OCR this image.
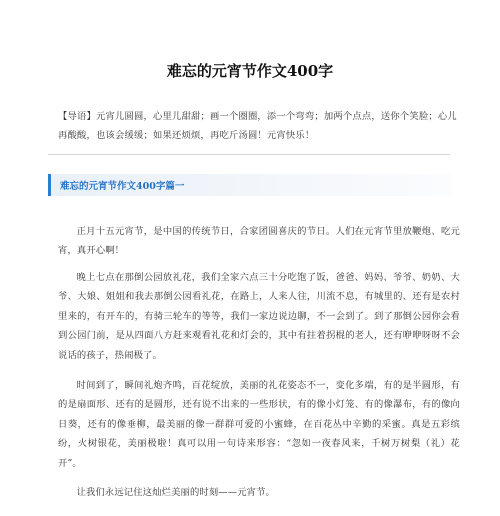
难忘的元宵节作文400字
【导语】元宵儿圆圆，心里儿甜甜；画一个圈圈，添一个弯弯；加两个点点，送你个笑脸；心儿再酸酸，也该会缓缓；如果还烦烦，再吃斤汤圆！元宵快乐！
难忘的元宵节作文400字篇一
正月十五元宵节，是中国的传统节日，合家团圆喜庆的节日。人们在元宵节里放鞭炮、吃元宵，真开心啊！
晚上七点在那倒公园放礼花，我们全家六点三十分吃饱了饭，爸爸、妈妈、爷爷、奶奶、大爷、大娘、姐姐和我去那倒公园看礼花，在路上，人来人往，川流不息，有城里的、还有是农村里来的，有开车的，有骑三轮车的等等，我们一家边说边聊，不一会到了。到了那倒公园你会看到公园门前，是从四面八方赶来观看礼花和灯会的，其中有拄着拐棍的老人，还有咿咿呀呀不会说话的孩子，热闹极了。
时间到了，瞬间礼炮齐鸣，百花绽放，美丽的礼花姿态不一，变化多端，有的是半圆形，有的是扇面形、还有的是圆形，还有说不出来的一些形状，有的像小灯笼、有的像瀑布，有的像向日葵，还有的像垂柳，最美丽的像一群群可爱的小蜜蜂，在百花丛中辛勤的采蜜。真是五彩缤纷，火树银花，美丽极啦！真可以用一句诗来形容：“忽如一夜春风来，千树万树梨（礼）花开”。
让我们永远记住这灿烂美丽的时刻——元宵节。
